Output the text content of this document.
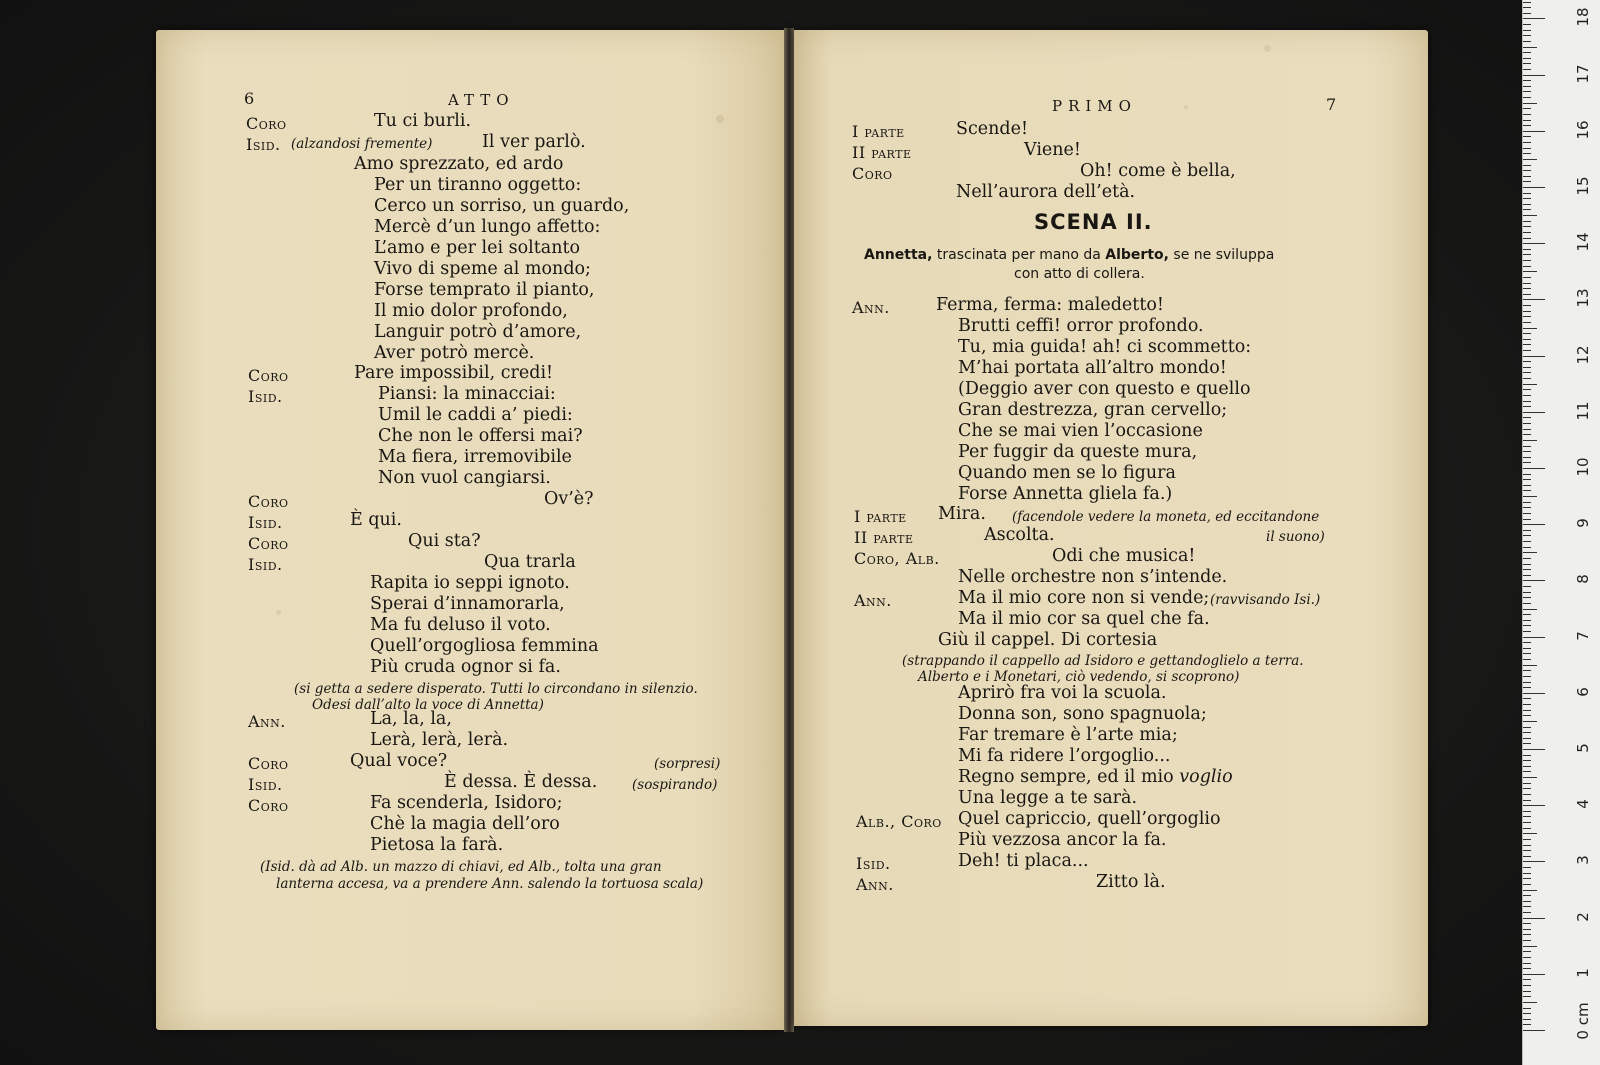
6	ATTO
Coro	Tu ci burli.
Isid. (alzandosi fremente)	Il ver parlò.
Amo sprezzato, ed ardo
Per un tiranno oggetto:
Cerco un sorriso, un guardo,
Mercè d’un lungo affetto:
L’amo e per lei soltanto
Vivo di speme al mondo;
Forse temprato il pianto,
Il mio dolor profondo,
Languir potrò d’amore,
Aver potrò mercè.
Coro	Pare impossibil, credi!
Isid.	Piansi: la minacciai:
Umil le caddi a’ piedi:
Che non le offersi mai?
Ma fiera, irremovibile
Non vuol cangiarsi.
Coro	Ov’è?
Isid.	È qui.
Coro	Qui sta?
Isid.	Qua trarla
Rapita io seppi ignoto.
Sperai d’innamorarla,
Ma fu deluso il voto.
Quell’orgogliosa femmina
Più cruda ognor si fa.
(si getta a sedere disperato. Tutti lo circondano in silenzio.
Odesi dall’alto la voce di Annetta)
Ann.	La, la, la,
Lerà, lerà, lerà.
Coro	Qual voce?	(sorpresi)
Isid.	È dessa. È dessa.	(sospirando)
Coro	Fa scenderla, Isidoro;
Chè la magia dell’oro
Pietosa la farà.
(Isid. dà ad Alb. un mazzo di chiavi, ed Alb., tolta una gran
lanterna accesa, va a prendere Ann. salendo la tortuosa scala)
PRIMO	7
I parte	Scende!
II parte	Viene!
Coro	Oh! come è bella,
Nell’aurora dell’età.
SCENA II.
Annetta, trascinata per mano da Alberto, se ne sviluppa
con atto di collera.
Ann.	Ferma, ferma: maledetto!
Brutti ceffi! orror profondo.
Tu, mia guida! ah! ci scommetto:
M’hai portata all’altro mondo!
(Deggio aver con questo e quello
Gran destrezza, gran cervello;
Che se mai vien l’occasione
Per fuggir da queste mura,
Quando men se lo figura
Forse Annetta gliela fa.)
I parte Mira. (facendole vedere la moneta, ed eccitandone
II parte	Ascolta.	il suono)
Coro, Alb.	Odi che musica!
Nelle orchestre non s’intende.
Ann.	Ma il mio core non si vende; (ravvisando Isi.)
Ma il mio cor sa quel che fa.
Giù il cappel. Di cortesia
(strappando il cappello ad Isidoro e gettandoglielo a terra.
Alberto e i Monetari, ciò vedendo, si scoprono)
Aprirò fra voi la scuola.
Donna son, sono spagnuola;
Far tremare è l’arte mia;
Mi fa ridere l’orgoglio...
Regno sempre, ed il mio voglio
Una legge a te sarà.
Alb., Coro Quel capriccio, quell’orgoglio
Più vezzosa ancor la fa.
Isid.	Deh! ti placa...
Ann.	Zitto là.
0 cm
1
2
3
4
5
6
7
8
9
10
11
12
13
14
15
16
17
18
